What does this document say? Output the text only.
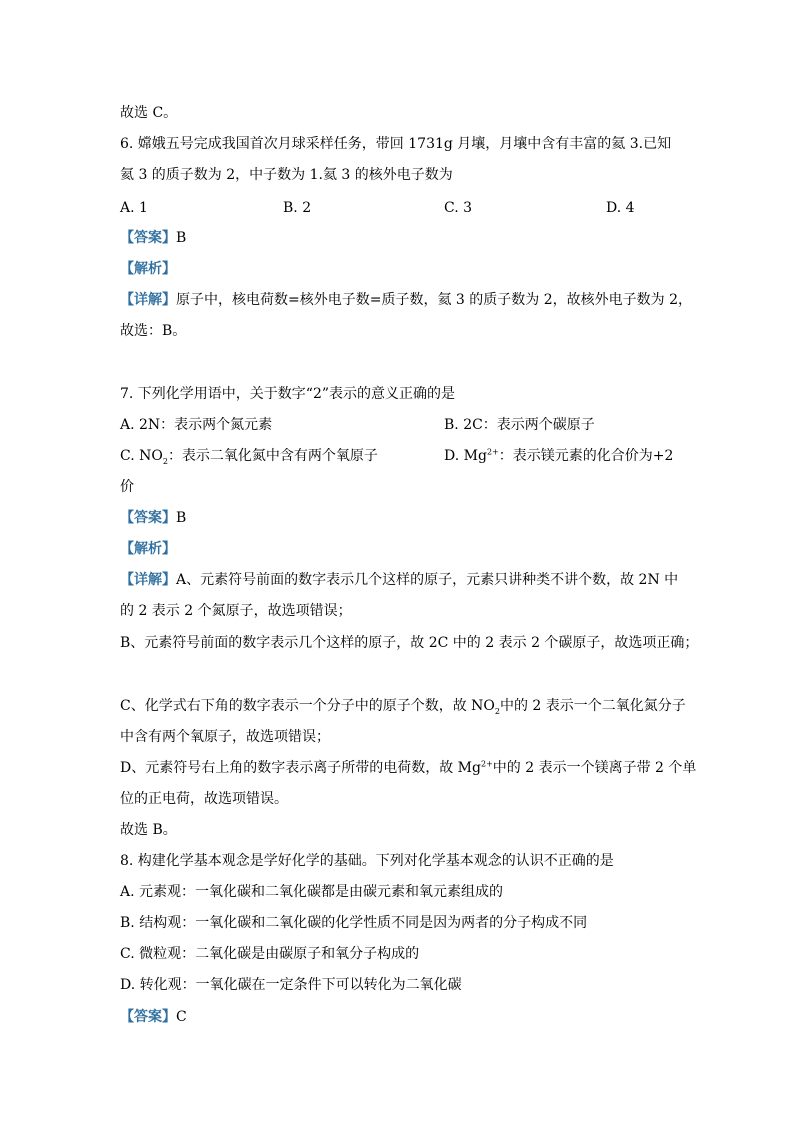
故选 C。
6. 嫦娥五号完成我国首次月球采样任务，带回 1731g 月壤，月壤中含有丰富的氦 3.已知
氦 3 的质子数为 2，中子数为 1.氦 3 的核外电子数为
A. 1	B. 2	C. 3	D. 4
【答案】B
【解析】
【详解】原子中，核电荷数=核外电子数=质子数，氦 3 的质子数为 2，故核外电子数为 2，
故选：B。
7. 下列化学用语中，关于数字“2”表示的意义正确的是
A. 2N：表示两个氮元素	B. 2C：表示两个碳原子
C. $NO_2$：表示二氧化氮中含有两个氧原子	D. $Mg^{2+}$：表示镁元素的化合价为+2
价
【答案】B
【解析】
【详解】A、元素符号前面的数字表示几个这样的原子，元素只讲种类不讲个数，故 2N 中
的 2 表示 2 个氮原子，故选项错误；
B、元素符号前面的数字表示几个这样的原子，故 2C 中的 2 表示 2 个碳原子，故选项正确；
C、化学式右下角的数字表示一个分子中的原子个数，故 $NO_2$中的 2 表示一个二氧化氮分子
中含有两个氧原子，故选项错误；
D、元素符号右上角的数字表示离子所带的电荷数，故 $Mg^{2+}$中的 2 表示一个镁离子带 2 个单
位的正电荷，故选项错误。
故选 B。
8. 构建化学基本观念是学好化学的基础。下列对化学基本观念的认识不正确的是
A. 元素观：一氧化碳和二氧化碳都是由碳元素和氧元素组成的
B. 结构观：一氧化碳和二氧化碳的化学性质不同是因为两者的分子构成不同
C. 微粒观：二氧化碳是由碳原子和氧分子构成的
D. 转化观：一氧化碳在一定条件下可以转化为二氧化碳
【答案】C
